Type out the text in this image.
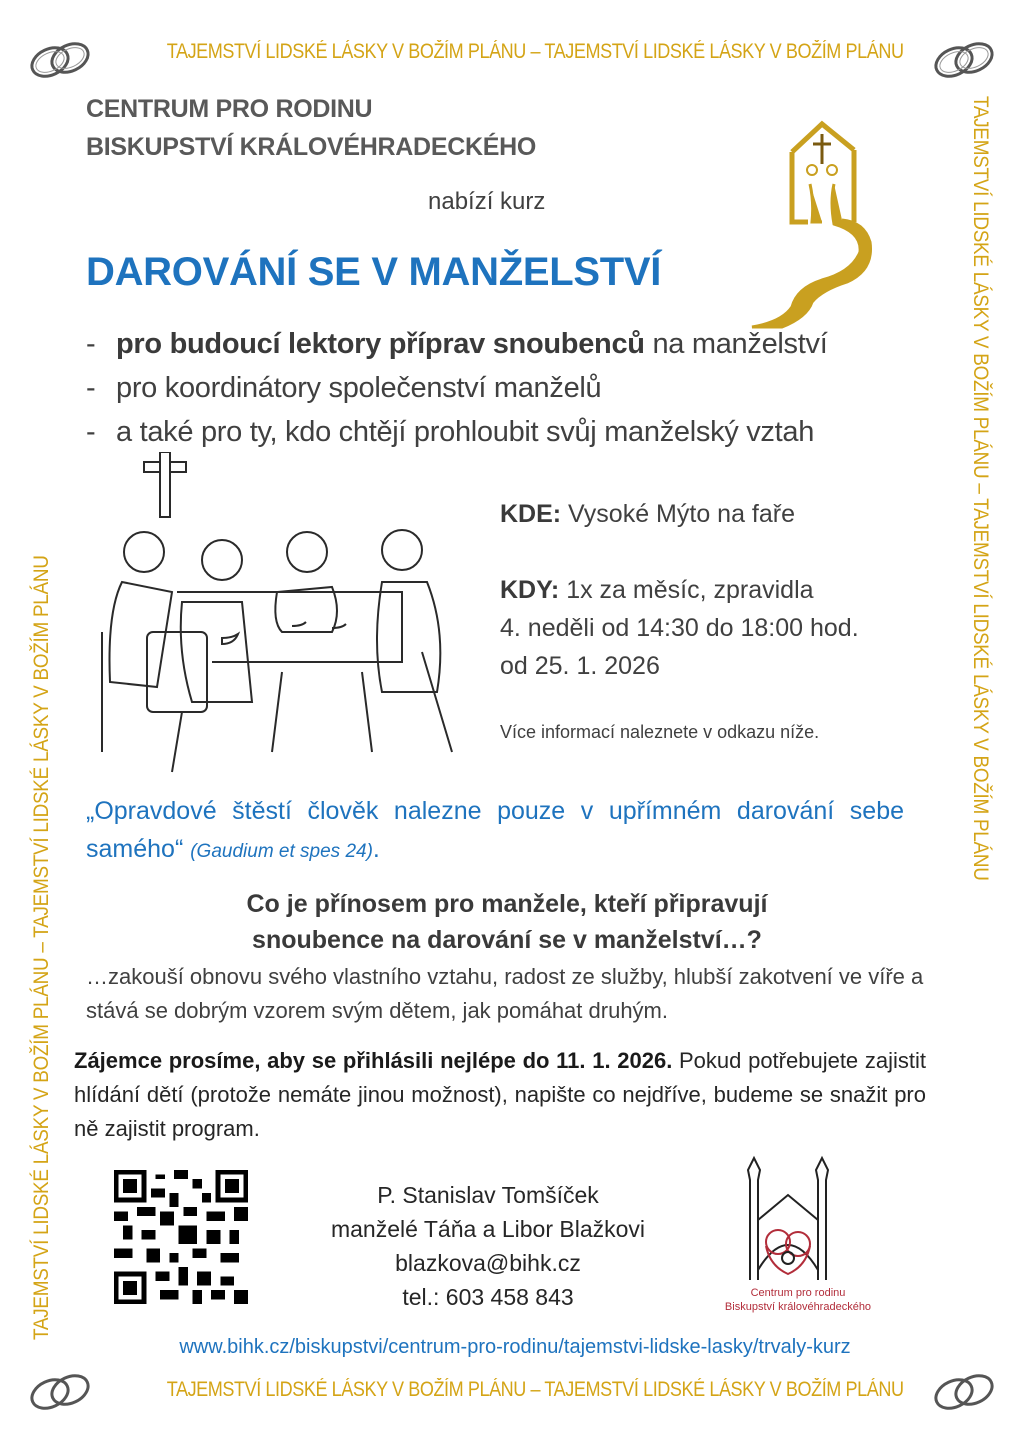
TAJEMSTVÍ LIDSKÉ LÁSKY V BOŽÍM PLÁNU – TAJEMSTVÍ LIDSKÉ LÁSKY V BOŽÍM PLÁNU
TAJEMSTVÍ LIDSKÉ LÁSKY V BOŽÍM PLÁNU – TAJEMSTVÍ LIDSKÉ LÁSKY V BOŽÍM PLÁNU
TAJEMSTVÍ LIDSKÉ LÁSKY V BOŽÍM PLÁNU – TAJEMSTVÍ LIDSKÉ LÁSKY V BOŽÍM PLÁNU
TAJEMSTVÍ LIDSKÉ LÁSKY V BOŽÍM PLÁNU – TAJEMSTVÍ LIDSKÉ LÁSKY V BOŽÍM PLÁNU
CENTRUM PRO RODINU
BISKUPSTVÍ KRÁLOVÉHRADECKÉHO
nabízí kurz
DAROVÁNÍ SE V MANŽELSTVÍ
- pro budoucí lektory příprav snoubenců na manželství
- pro koordinátory společenství manželů
- a také pro ty, kdo chtějí prohloubit svůj manželský vztah
KDE: Vysoké Mýto na faře
KDY: 1x za měsíc, zpravidla
4. neděli od 14:30 do 18:00 hod.
od 25. 1. 2026
Více informací naleznete v odkazu níže.
„Opravdové štěstí člověk nalezne pouze v upřímném darování sebe samého“ (Gaudium et spes 24).
Co je přínosem pro manžele, kteří připravují
snoubence na darování se v manželství…?
…zakouší obnovu svého vlastního vztahu, radost ze služby, hlubší zakotvení ve víře a stává se dobrým vzorem svým dětem, jak pomáhat druhým.
Zájemce prosíme, aby se přihlásili nejlépe do 11. 1. 2026. Pokud potřebujete zajistit hlídání dětí (protože nemáte jinou možnost), napište co nejdříve, budeme se snažit pro ně zajistit program.
P. Stanislav Tomšíček
manželé Táňa a Libor Blažkovi
blazkova@bihk.cz
tel.: 603 458 843	Centrum pro rodinu
Biskupství královéhradeckého
www.bihk.cz/biskupstvi/centrum-pro-rodinu/tajemstvi-lidske-lasky/trvaly-kurz
